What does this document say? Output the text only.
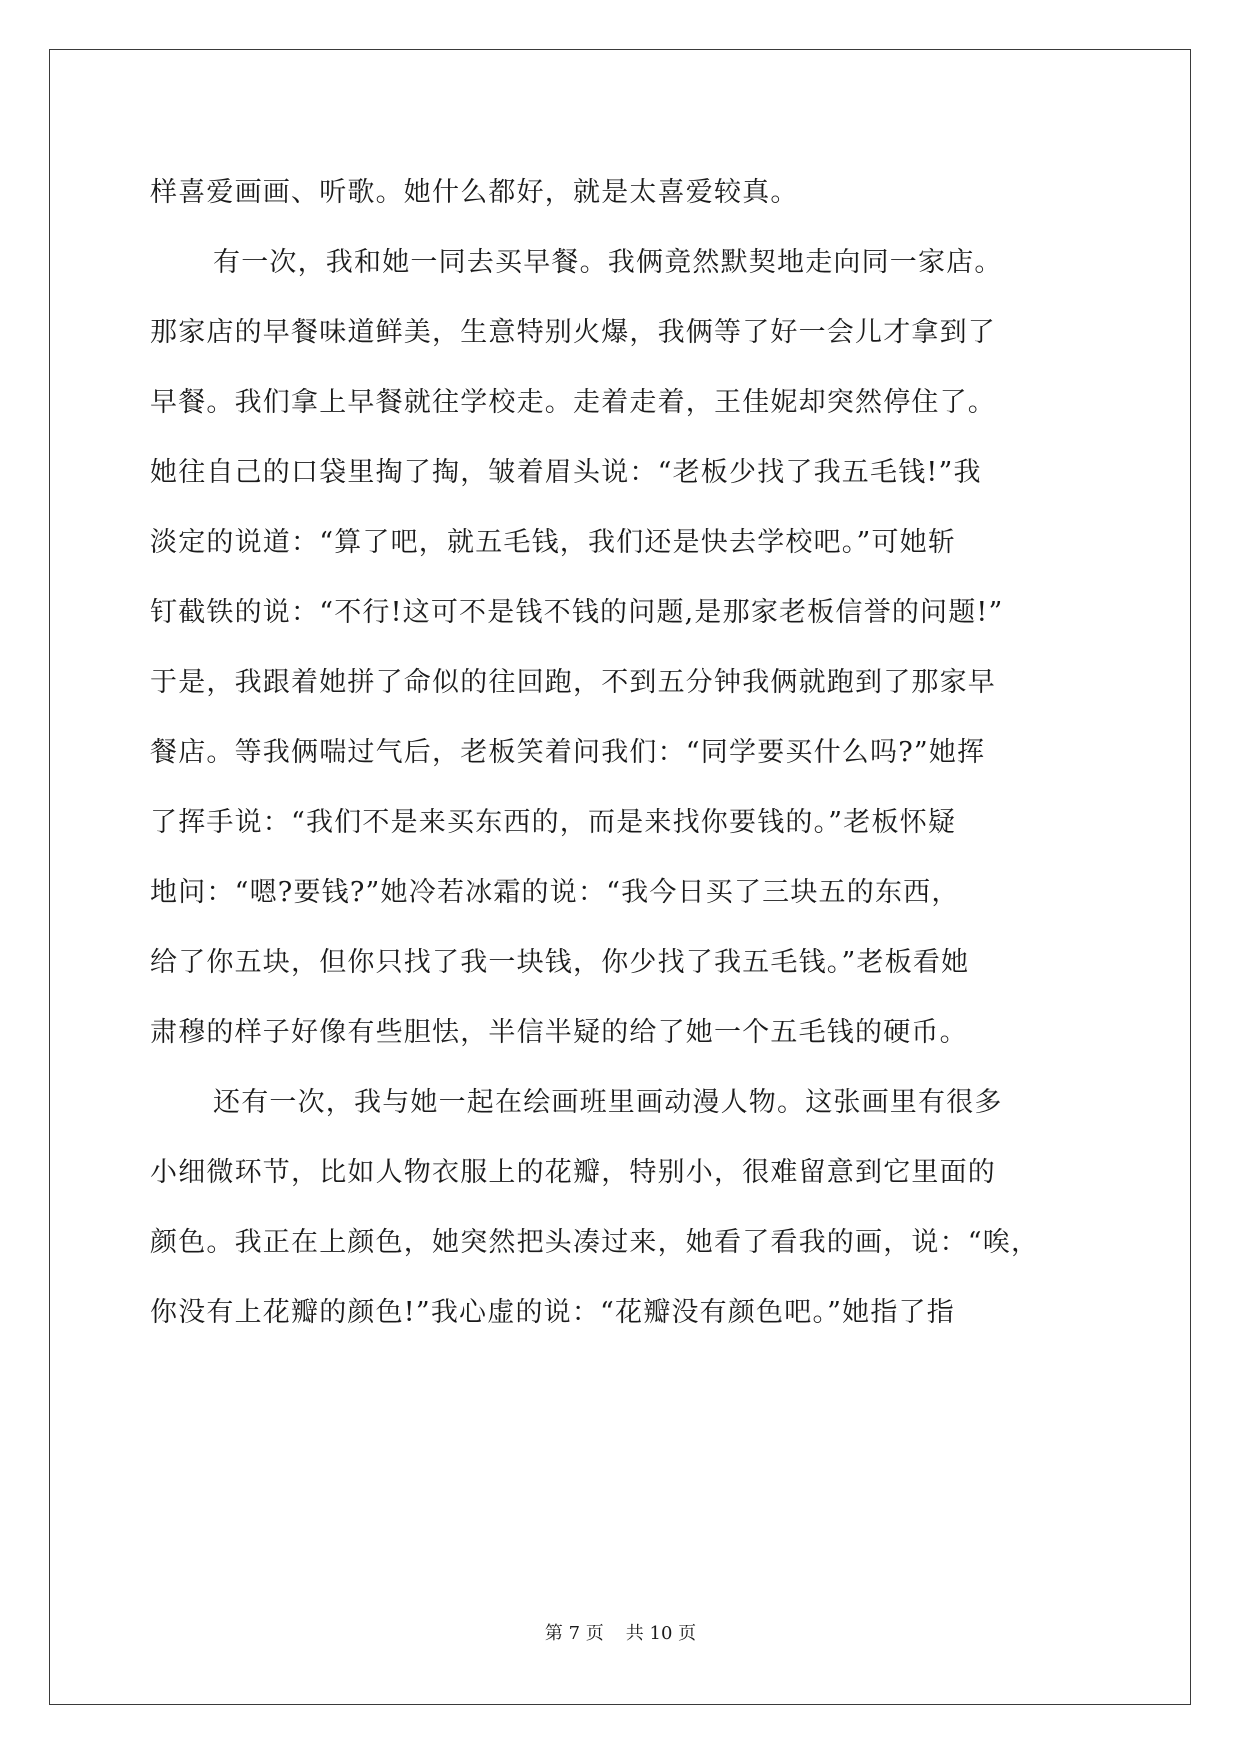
样喜爱画画、听歌。她什么都好，就是太喜爱较真。
有一次，我和她一同去买早餐。我俩竟然默契地走向同一家店。
那家店的早餐味道鲜美，生意特别火爆，我俩等了好一会儿才拿到了
早餐。我们拿上早餐就往学校走。走着走着，王佳妮却突然停住了。
她往自己的口袋里掏了掏，皱着眉头说：“老板少找了我五毛钱!”我
淡定的说道：“算了吧，就五毛钱，我们还是快去学校吧。”可她斩
钉截铁的说：“不行!这可不是钱不钱的问题,是那家老板信誉的问题!”
于是，我跟着她拼了命似的往回跑，不到五分钟我俩就跑到了那家早
餐店。等我俩喘过气后，老板笑着问我们：“同学要买什么吗?”她挥
了挥手说：“我们不是来买东西的，而是来找你要钱的。”老板怀疑
地问：“嗯?要钱?”她冷若冰霜的说：“我今日买了三块五的东西，
给了你五块，但你只找了我一块钱，你少找了我五毛钱。”老板看她
肃穆的样子好像有些胆怯，半信半疑的给了她一个五毛钱的硬币。
还有一次，我与她一起在绘画班里画动漫人物。这张画里有很多
小细微环节，比如人物衣服上的花瓣，特别小，很难留意到它里面的
颜色。我正在上颜色，她突然把头凑过来，她看了看我的画，说：“唉，
你没有上花瓣的颜色!”我心虚的说：“花瓣没有颜色吧。”她指了指
第 7 页 共 10 页
